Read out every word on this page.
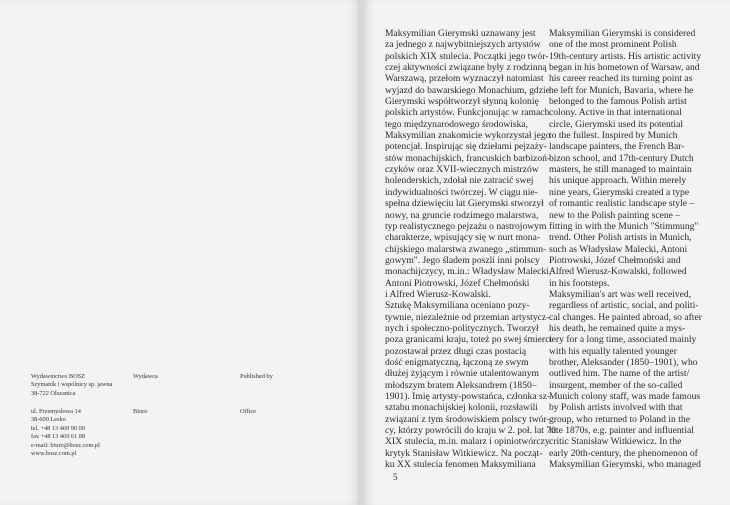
Wydawnictwo BOSZ
Szymanik i wspólnicy sp. jawna
38-722 Olszanica
ul. Przemysłowa 14
38-600 Lesko
tel. +48 13 469 90 00
fax +48 13 469 61 88
e-mail: biuro@bosz.com.pl
www.bosz.com.pl
Wydawca	Published by
Biuro	Office
Maksymilian Gierymski uznawany jest
za jednego z najwybitniejszych artystów
polskich XIX stulecia. Początki jego twór-
czej aktywności związane były z rodzinną
Warszawą, przełom wyznaczył natomiast
wyjazd do bawarskiego Monachium, gdzie
Gierymski współtworzył słynną kolonię
polskich artystów. Funkcjonując w ramach
tego międzynarodowego środowiska,
Maksymilian znakomicie wykorzystał jego
potencjał. Inspirując się dziełami pejzaży-
stów monachijskich, francuskich barbizoń-
czyków oraz XVII-wiecznych mistrzów
holenderskich, zdołał nie zatracić swej
indywidualności twórczej. W ciągu nie-
spełna dziewięciu lat Gierymski stworzył
nowy, na gruncie rodzimego malarstwa,
typ realistycznego pejzażu o nastrojowym
charakterze, wpisujący się w nurt mona-
chijskiego malarstwa zwanego „stimmun-
gowym". Jego śladem poszli inni polscy
monachijczycy, m.in.: Władysław Malecki,
Antoni Piotrowski, Józef Chełmoński
i Alfred Wierusz-Kowalski.
Sztukę Maksymiliana oceniano pozy-
tywnie, niezależnie od przemian artystycz-
nych i społeczno-politycznych. Tworzył
poza granicami kraju, toteż po swej śmierci
pozostawał przez długi czas postacią
dość enigmatyczną, łączoną ze swym
dłużej żyjącym i równie utalentowanym
młodszym bratem Aleksandrem (1850–
1901). Imię artysty-powstańca, członka sz-
sztabu monachijskiej kolonii, rozsławili
związani z tym środowiskiem polscy twór-
cy, którzy powrócili do kraju w 2. poł. lat 70.
XIX stulecia, m.in. malarz i opiniotwórczy
krytyk Stanisław Witkiewicz. Na począt-
ku XX stulecia fenomen Maksymiliana
Maksymilian Gierymski is considered
one of the most prominent Polish
19th-century artists. His artistic activity
began in his hometown of Warsaw, and
his career reached its turning point as
he left for Munich, Bavaria, where he
belonged to the famous Polish artist
colony. Active in that international
circle, Gierymski used its potential
to the fullest. Inspired by Munich
landscape painters, the French Bar-
bizon school, and 17th-century Dutch
masters, he still managed to maintain
his unique approach. Within merely
nine years, Gierymski created a type
of romantic realistic landscape style –
new to the Polish painting scene –
fitting in with the Munich "Stimmung"
trend. Other Polish artists in Munich,
such as Władysław Malecki, Antoni
Piotrowski, Józef Chełmoński and
Alfred Wierusz-Kowalski, followed
in his footsteps.
Maksymilian's art was well received,
regardless of artistic, social, and politi-
cal changes. He painted abroad, so after
his death, he remained quite a mys-
tery for a long time, associated mainly
with his equally talented younger
brother, Aleksander (1850–1901), who
outlived him. The name of the artist/
insurgent, member of the so-called
Munich colony staff, was made famous
by Polish artists involved with that
group, who returned to Poland in the
late 1870s, e.g. painter and influential
critic Stanisław Witkiewicz. In the
early 20th-century, the phenomenon of
Maksymilian Gierymski, who managed
5
